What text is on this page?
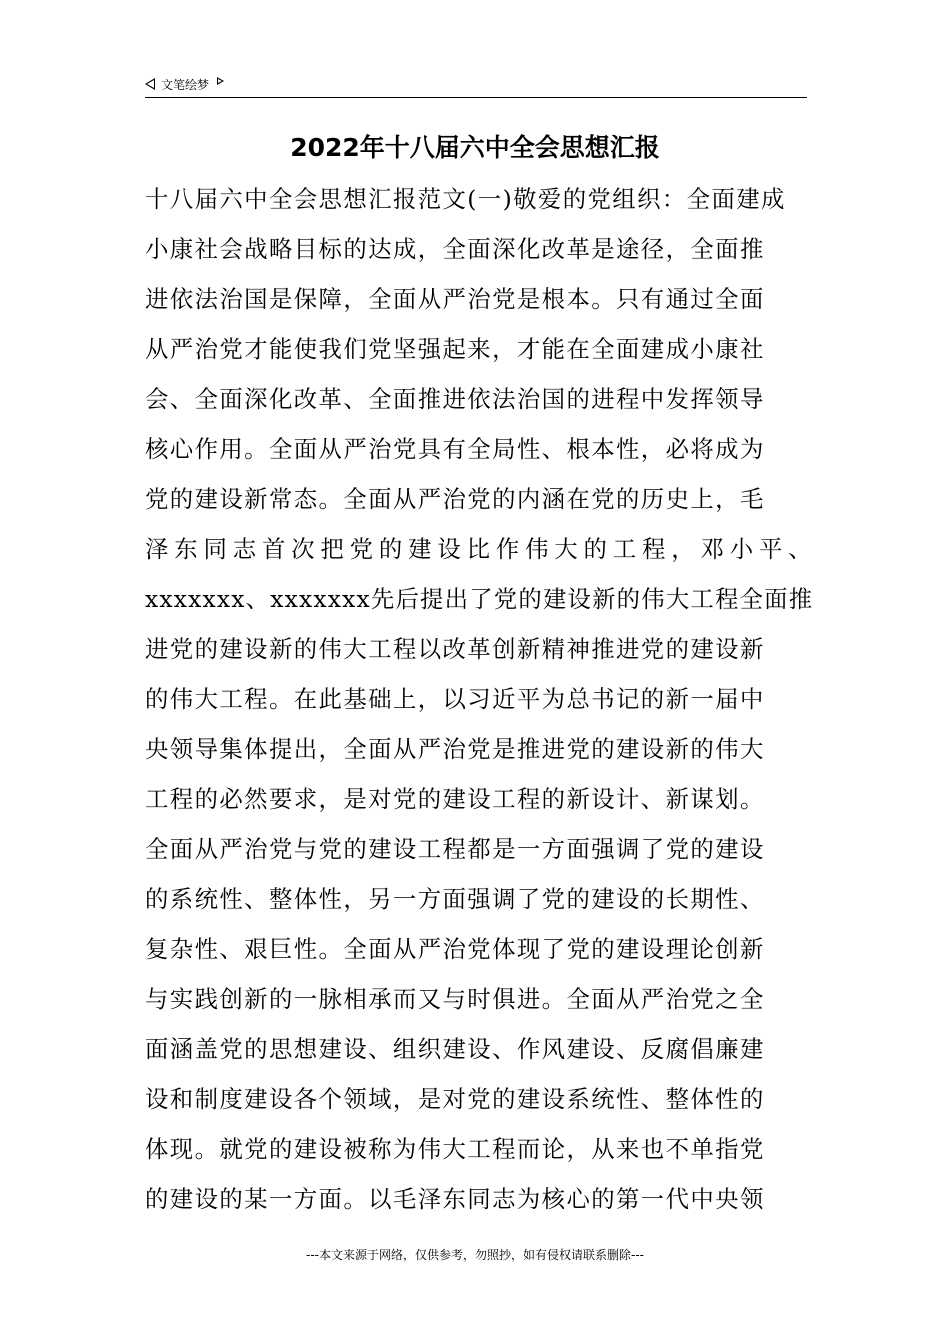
文笔绘梦
2022年十八届六中全会思想汇报
十八届六中全会思想汇报范文(一)敬爱的党组织：全面建成
小康社会战略目标的达成，全面深化改革是途径，全面推
进依法治国是保障，全面从严治党是根本。只有通过全面
从严治党才能使我们党坚强起来，才能在全面建成小康社
会、全面深化改革、全面推进依法治国的进程中发挥领导
核心作用。全面从严治党具有全局性、根本性，必将成为
党的建设新常态。全面从严治党的内涵在党的历史上，毛
泽东同志首次把党的建设比作伟大的工程，邓小平、
xxxxxxx、xxxxxxx先后提出了党的建设新的伟大工程全面推
进党的建设新的伟大工程以改革创新精神推进党的建设新
的伟大工程。在此基础上，以习近平为总书记的新一届中
央领导集体提出，全面从严治党是推进党的建设新的伟大
工程的必然要求，是对党的建设工程的新设计、新谋划。
全面从严治党与党的建设工程都是一方面强调了党的建设
的系统性、整体性，另一方面强调了党的建设的长期性、
复杂性、艰巨性。全面从严治党体现了党的建设理论创新
与实践创新的一脉相承而又与时俱进。全面从严治党之全
面涵盖党的思想建设、组织建设、作风建设、反腐倡廉建
设和制度建设各个领域，是对党的建设系统性、整体性的
体现。就党的建设被称为伟大工程而论，从来也不单指党
的建设的某一方面。以毛泽东同志为核心的第一代中央领
---本文来源于网络，仅供参考，勿照抄，如有侵权请联系删除---
